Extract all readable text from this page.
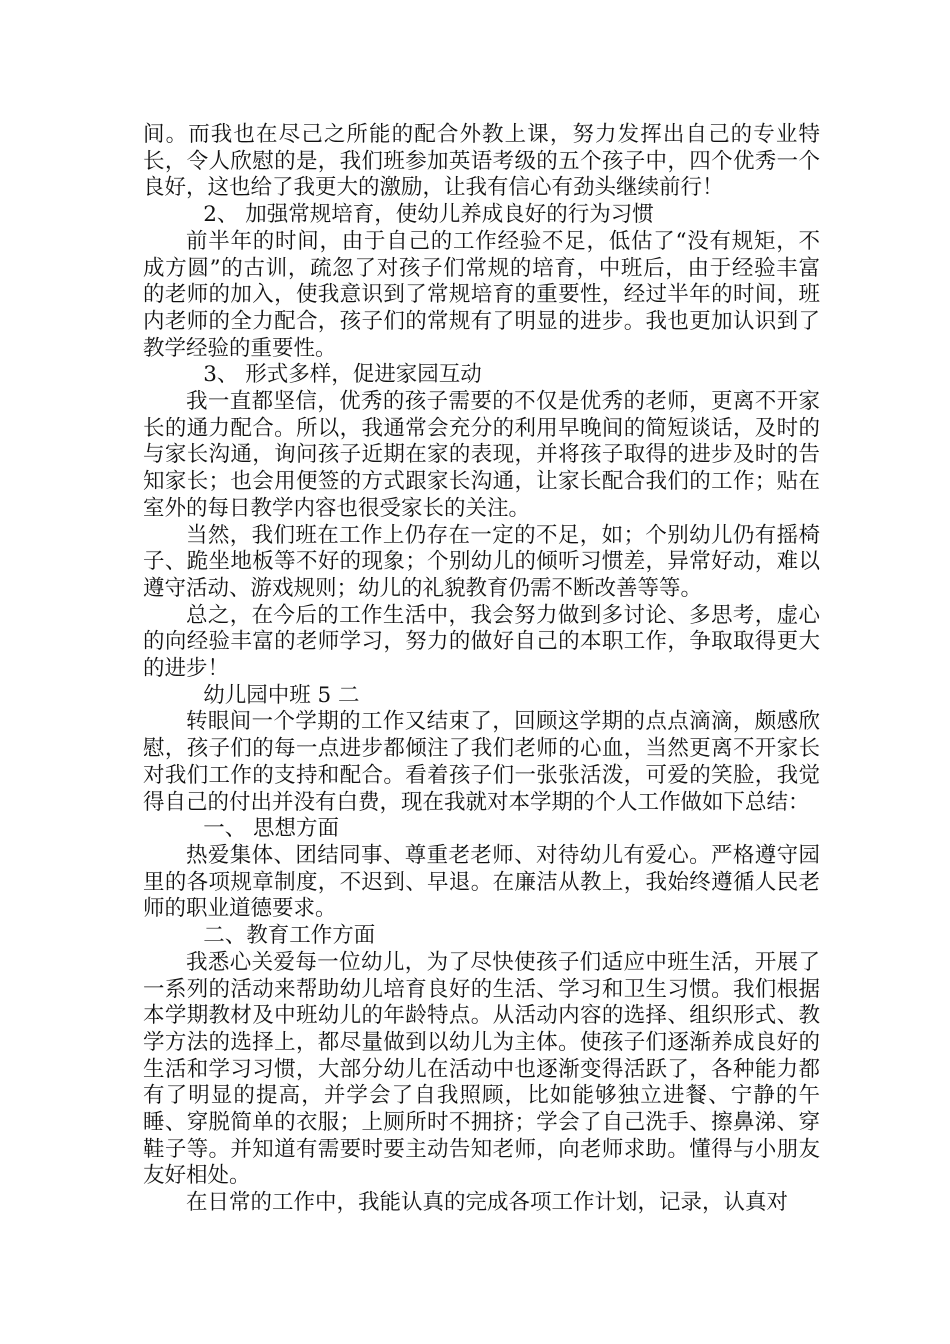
间。而我也在尽己之所能的配合外教上课，努力发挥出自己的专业特长，令人欣慰的是，我们班参加英语考级的五个孩子中，四个优秀一个良好，这也给了我更大的激励，让我有信心有劲头继续前行！

2、 加强常规培育，使幼儿养成良好的行为习惯

前半年的时间，由于自己的工作经验不足，低估了“没有规矩，不成方圆”的古训，疏忽了对孩子们常规的培育，中班后，由于经验丰富的老师的加入，使我意识到了常规培育的重要性，经过半年的时间，班内老师的全力配合，孩子们的常规有了明显的进步。我也更加认识到了教学经验的重要性。

3、 形式多样，促进家园互动

我一直都坚信，优秀的孩子需要的不仅是优秀的老师，更离不开家长的通力配合。所以，我通常会充分的利用早晚间的简短谈话，及时的与家长沟通，询问孩子近期在家的表现，并将孩子取得的进步及时的告知家长；也会用便签的方式跟家长沟通，让家长配合我们的工作；贴在室外的每日教学内容也很受家长的关注。

当然，我们班在工作上仍存在一定的不足，如；个别幼儿仍有摇椅子、跪坐地板等不好的现象；个别幼儿的倾听习惯差，异常好动，难以遵守活动、游戏规则；幼儿的礼貌教育仍需不断改善等等。

总之，在今后的工作生活中，我会努力做到多讨论、多思考，虚心的向经验丰富的老师学习，努力的做好自己的本职工作，争取取得更大的进步！

幼儿园中班 5 二

转眼间一个学期的工作又结束了，回顾这学期的点点滴滴，颇感欣慰，孩子们的每一点进步都倾注了我们老师的心血，当然更离不开家长对我们工作的支持和配合。看着孩子们一张张活泼，可爱的笑脸，我觉得自己的付出并没有白费，现在我就对本学期的个人工作做如下总结：

一、 思想方面

热爱集体、团结同事、尊重老老师、对待幼儿有爱心。严格遵守园里的各项规章制度，不迟到、早退。在廉洁从教上，我始终遵循人民老师的职业道德要求。

二、教育工作方面

我悉心关爱每一位幼儿，为了尽快使孩子们适应中班生活，开展了一系列的活动来帮助幼儿培育良好的生活、学习和卫生习惯。我们根据本学期教材及中班幼儿的年龄特点。从活动内容的选择、组织形式、教学方法的选择上，都尽量做到以幼儿为主体。使孩子们逐渐养成良好的生活和学习习惯，大部分幼儿在活动中也逐渐变得活跃了，各种能力都有了明显的提高，并学会了自我照顾，比如能够独立进餐、宁静的午睡、穿脱简单的衣服；上厕所时不拥挤；学会了自己洗手、擦鼻涕、穿鞋子等。并知道有需要时要主动告知老师，向老师求助。懂得与小朋友友好相处。

在日常的工作中，我能认真的完成各项工作计划，记录，认真对
